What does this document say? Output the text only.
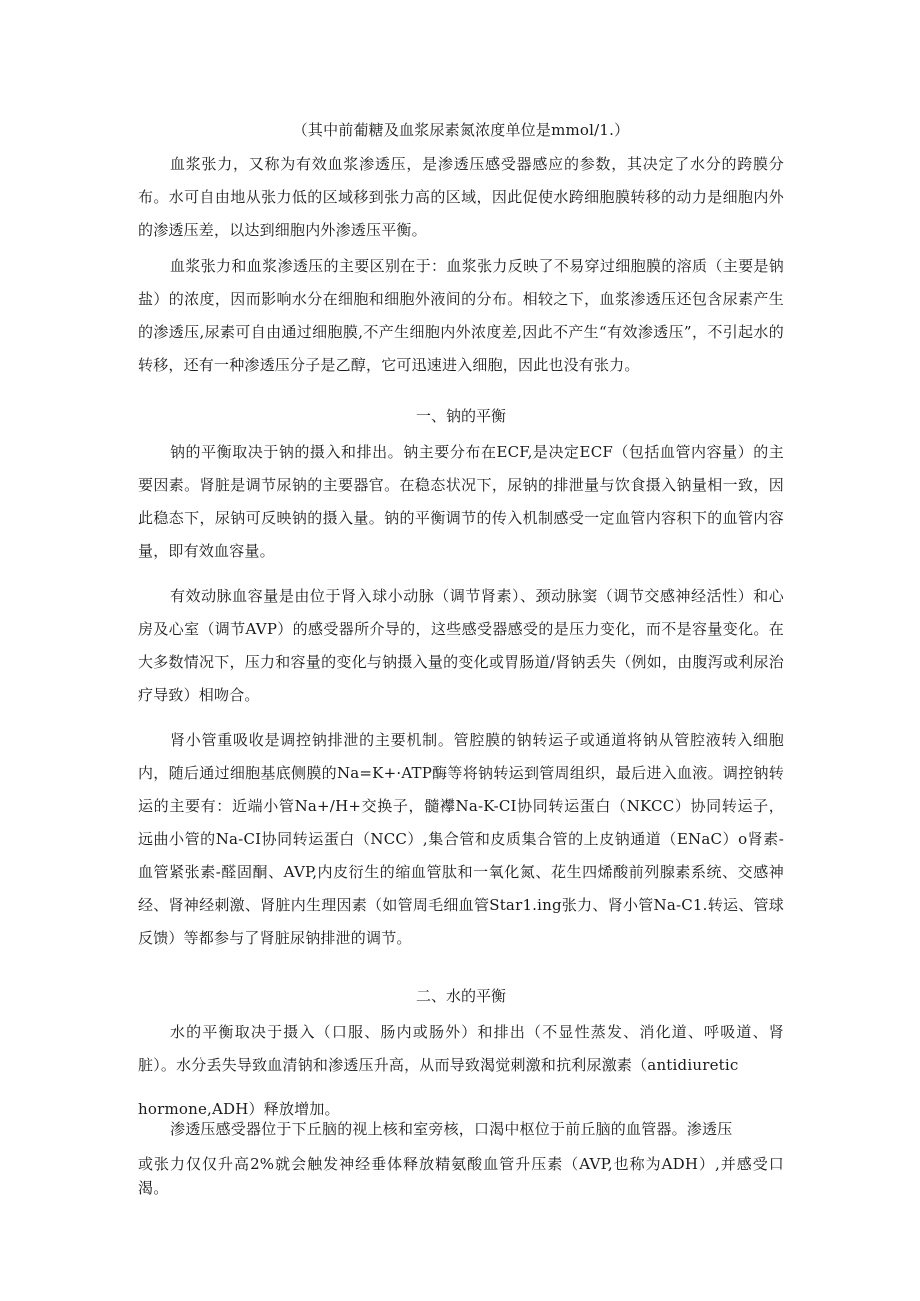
（其中前葡糖及血浆尿素氮浓度单位是mmol/1.）
血浆张力，又称为有效血浆渗透压，是渗透压感受器感应的参数，其决定了水分的跨膜分布。水可自由地从张力低的区域移到张力高的区域，因此促使水跨细胞膜转移的动力是细胞内外的渗透压差，以达到细胞内外渗透压平衡。
血浆张力和血浆渗透压的主要区别在于：血浆张力反映了不易穿过细胞膜的溶质（主要是钠盐）的浓度，因而影响水分在细胞和细胞外液间的分布。相较之下，血浆渗透压还包含尿素产生的渗透压,尿素可自由通过细胞膜,不产生细胞内外浓度差,因此不产生“有效渗透压”，不引起水的转移，还有一种渗透压分子是乙醇，它可迅速进入细胞，因此也没有张力。
一、钠的平衡
钠的平衡取决于钠的摄入和排出。钠主要分布在ECF,是决定ECF（包括血管内容量）的主要因素。肾脏是调节尿钠的主要器官。在稳态状况下，尿钠的排泄量与饮食摄入钠量相一致，因此稳态下，尿钠可反映钠的摄入量。钠的平衡调节的传入机制感受一定血管内容积下的血管内容量，即有效血容量。
有效动脉血容量是由位于肾入球小动脉（调节肾素）、颈动脉窦（调节交感神经活性）和心房及心室（调节AVP）的感受器所介导的，这些感受器感受的是压力变化，而不是容量变化。在大多数情况下，压力和容量的变化与钠摄入量的变化或胃肠道/肾钠丢失（例如，由腹泻或利尿治疗导致）相吻合。
肾小管重吸收是调控钠排泄的主要机制。管腔膜的钠转运子或通道将钠从管腔液转入细胞内，随后通过细胞基底侧膜的Na=K+·ATP酶等将钠转运到管周组织，最后进入血液。调控钠转运的主要有：近端小管Na+/H+交换子，髓襻Na-K-CI协同转运蛋白（NKCC）协同转运子，远曲小管的Na-CI协同转运蛋白（NCC）,集合管和皮质集合管的上皮钠通道（ENaC）o肾素-血管紧张素-醛固酮、AVP,内皮衍生的缩血管肽和一氧化氮、花生四烯酸前列腺素系统、交感神经、肾神经刺激、肾脏内生理因素（如管周毛细血管Star1.ing张力、肾小管Na-C1.转运、管球反馈）等都参与了肾脏尿钠排泄的调节。
二、水的平衡
水的平衡取决于摄入（口服、肠内或肠外）和排出（不显性蒸发、消化道、呼吸道、肾脏）。水分丢失导致血清钠和渗透压升高，从而导致渴觉刺激和抗利尿激素（antidiuretic
hormone,ADH）释放增加。
渗透压感受器位于下丘脑的视上核和室旁核，口渴中枢位于前丘脑的血管器。渗透压
或张力仅仅升高2%就会触发神经垂体释放精氨酸血管升压素（AVP,也称为ADH）,并感受口渴。
